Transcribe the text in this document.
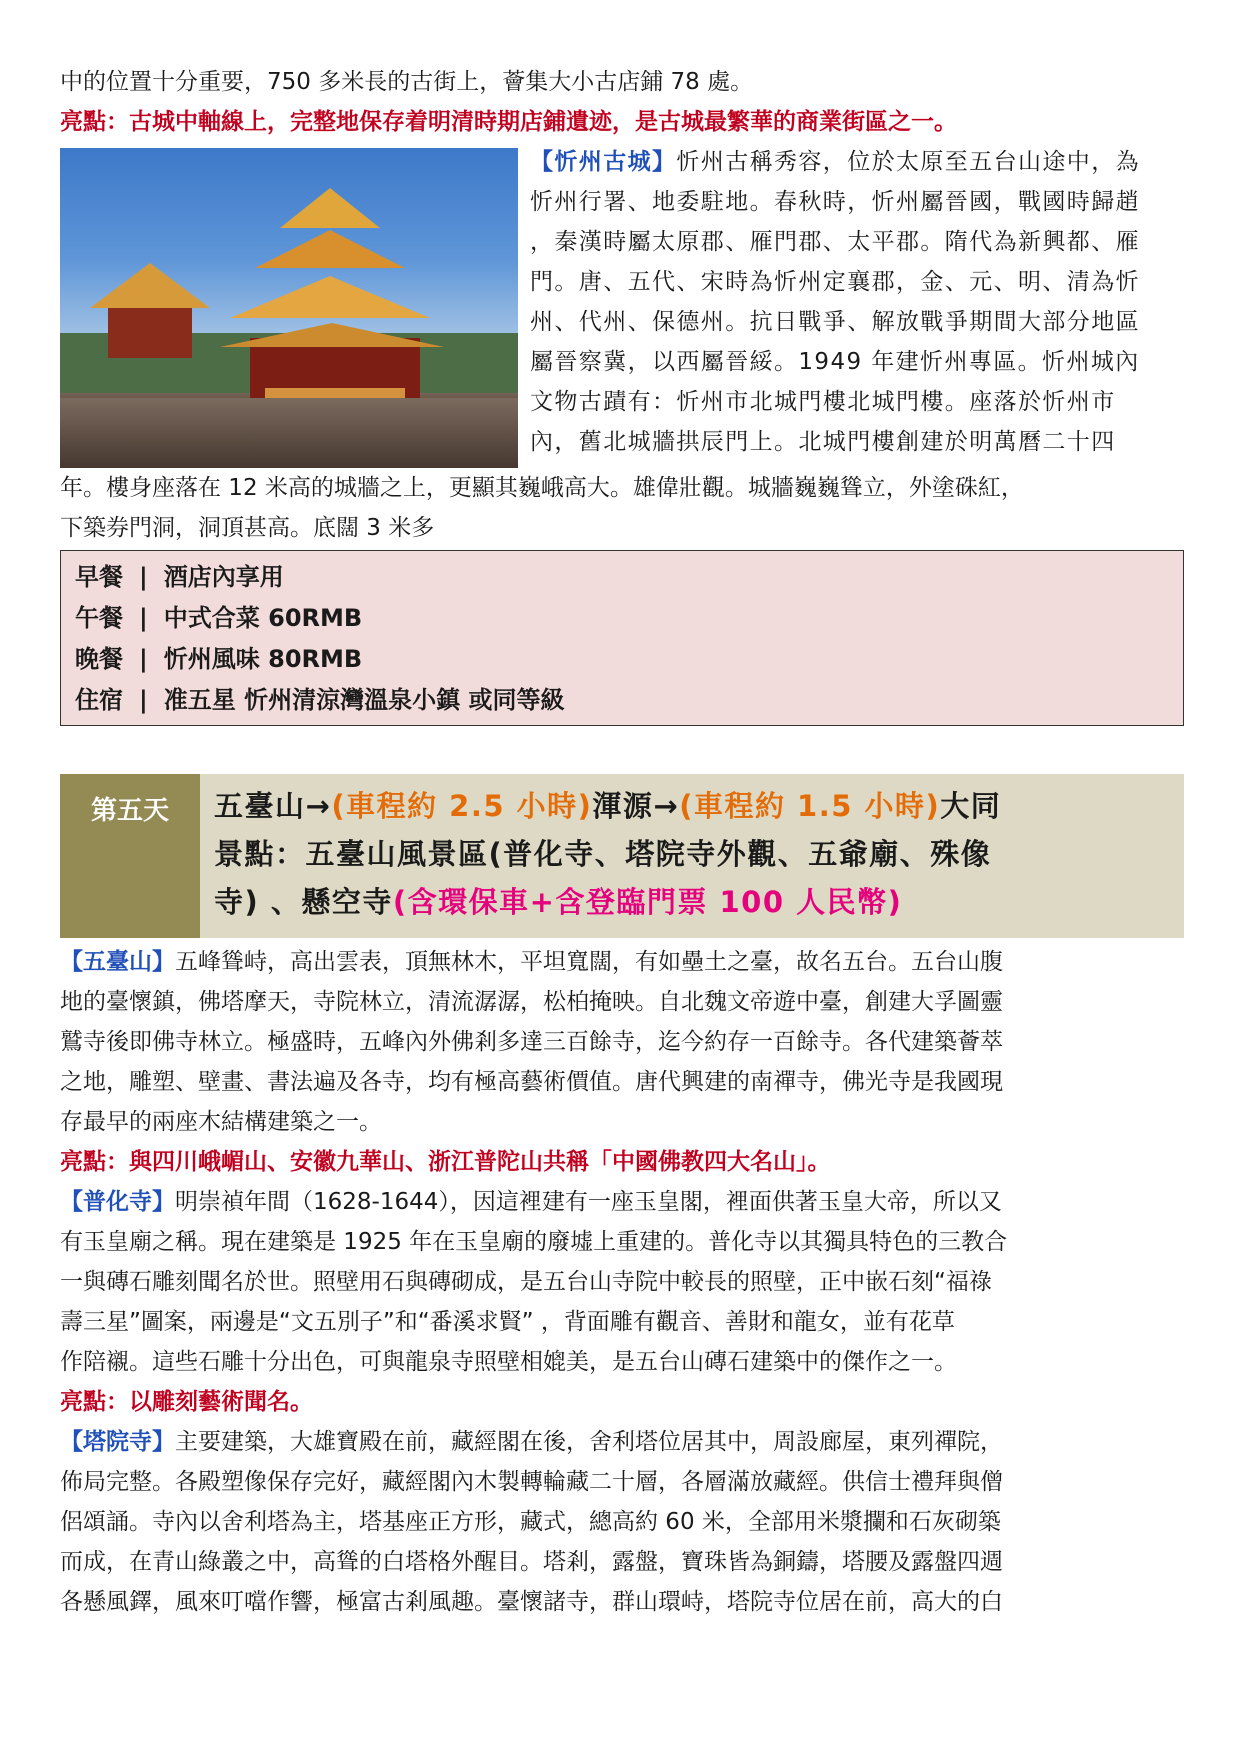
中的位置十分重要，750 多米長的古街上，薈集大小古店鋪 78 處。

亮點：古城中軸線上，完整地保存着明清時期店鋪遺迹，是古城最繁華的商業街區之一。

【忻州古城】忻州古稱秀容，位於太原至五台山途中，為

忻州行署、地委駐地。春秋時，忻州屬晉國，戰國時歸趙

，秦漢時屬太原郡、雁門郡、太平郡。隋代為新興都、雁

門。唐、五代、宋時為忻州定襄郡，金、元、明、清為忻

州、代州、保德州。抗日戰爭、解放戰爭期間大部分地區

屬晉察冀，以西屬晉綏。1949 年建忻州專區。忻州城內

文物古蹟有：忻州市北城門樓北城門樓。座落於忻州市

內，舊北城牆拱辰門上。北城門樓創建於明萬曆二十四

年。樓身座落在 12 米高的城牆之上，更顯其巍峨高大。雄偉壯觀。城牆巍巍聳立，外塗硃紅，

下築券門洞，洞頂甚高。底闊 3 米多

早餐 | 酒店內享用
午餐 | 中式合菜 60RMB
晚餐 | 忻州風味 80RMB
住宿 | 准五星 忻州清涼灣溫泉小鎮 或同等級
第五天	五臺山→(車程約 2.5 小時)渾源→(車程約 1.5 小時)大同
景點：五臺山風景區(普化寺、塔院寺外觀、五爺廟、殊像
寺) 、懸空寺(含環保車+含登臨門票 100 人民幣)

【五臺山】五峰聳峙，高出雲表，頂無林木，平坦寬闊，有如壘土之臺，故名五台。五台山腹

地的臺懷鎮，佛塔摩天，寺院林立，清流潺潺，松柏掩映。自北魏文帝遊中臺，創建大孚圖靈

鷲寺後即佛寺林立。極盛時，五峰內外佛剎多達三百餘寺，迄今約存一百餘寺。各代建築薈萃

之地，雕塑、壁畫、書法遍及各寺，均有極高藝術價值。唐代興建的南禪寺，佛光寺是我國現

存最早的兩座木結構建築之一。

亮點：與四川峨嵋山、安徽九華山、浙江普陀山共稱「中國佛教四大名山」。

【普化寺】明崇禎年間（1628-1644），因這裡建有一座玉皇閣，裡面供著玉皇大帝，所以又

有玉皇廟之稱。現在建築是 1925 年在玉皇廟的廢墟上重建的。普化寺以其獨具特色的三教合

一與磚石雕刻聞名於世。照壁用石與磚砌成，是五台山寺院中較長的照壁，正中嵌石刻“福祿

壽三星”圖案，兩邊是“文五別子”和“番溪求賢” ，背面雕有觀音、善財和龍女，並有花草

作陪襯。這些石雕十分出色，可與龍泉寺照壁相媲美，是五台山磚石建築中的傑作之一。

亮點：以雕刻藝術聞名。

【塔院寺】主要建築，大雄寶殿在前，藏經閣在後，舍利塔位居其中，周設廊屋，東列禪院，

佈局完整。各殿塑像保存完好，藏經閣內木製轉輪藏二十層，各層滿放藏經。供信士禮拜與僧

侶頌誦。寺內以舍利塔為主，塔基座正方形，藏式，總高約 60 米，全部用米漿攔和石灰砌築

而成，在青山綠叢之中，高聳的白塔格外醒目。塔剎，露盤，寶珠皆為銅鑄，塔腰及露盤四週

各懸風鐸，風來叮噹作響，極富古剎風趣。臺懷諸寺，群山環峙，塔院寺位居在前，高大的白
